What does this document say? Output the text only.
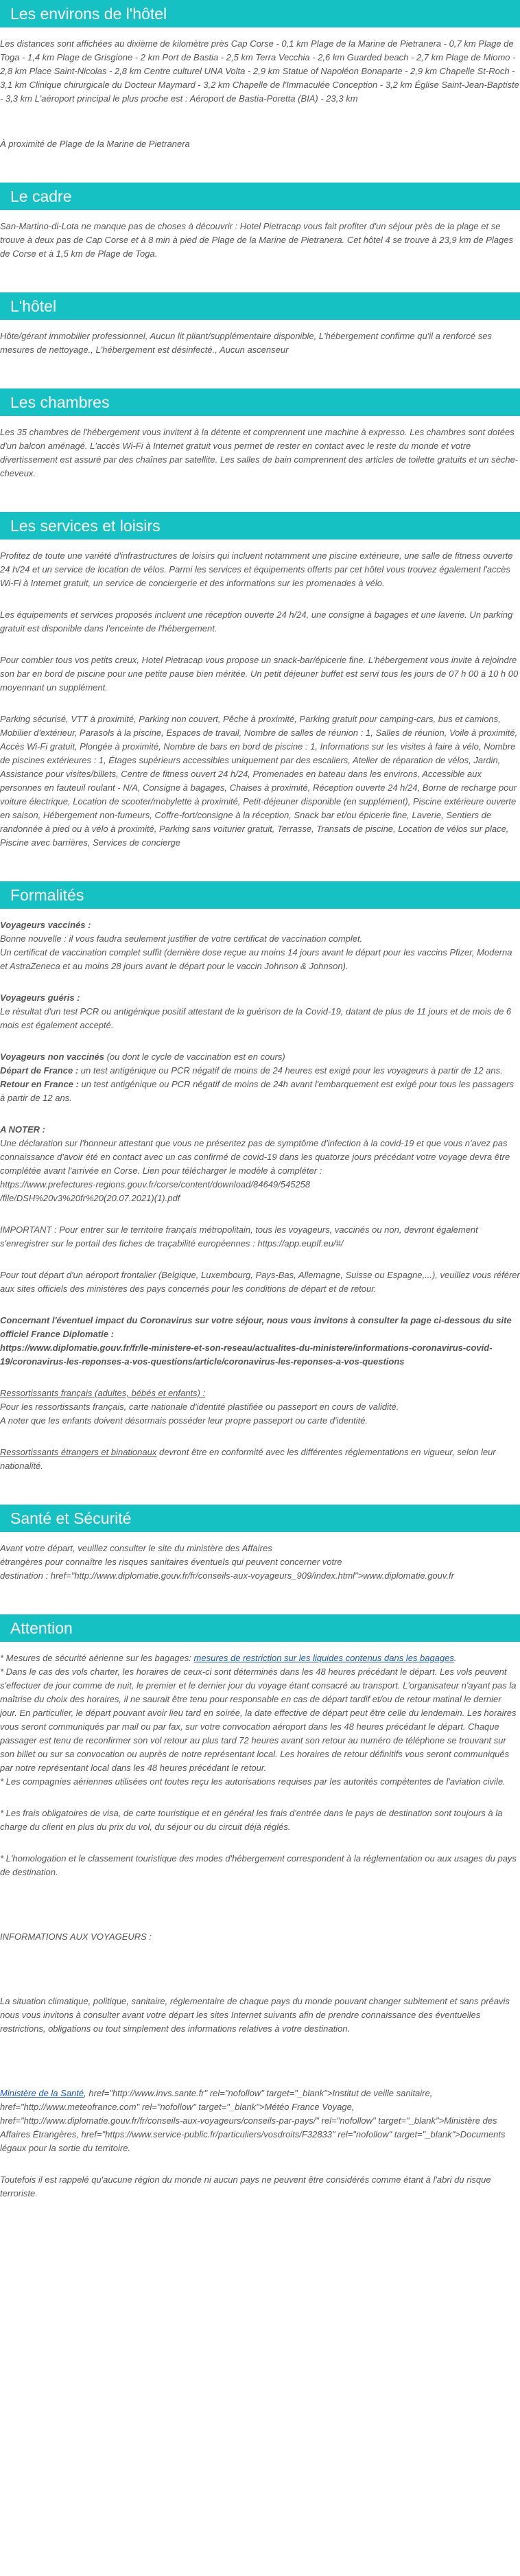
Les environs de l'hôtel

Les distances sont affichées au dixième de kilomètre près Cap Corse - 0,1 km Plage de la Marine de Pietranera - 0,7 km Plage de Toga - 1,4 km Plage de Grisgione - 2 km Port de Bastia - 2,5 km Terra Vecchia - 2,6 km Guarded beach - 2,7 km Plage de Miomo - 2,8 km Place Saint-Nicolas - 2,8 km Centre culturel UNA Volta - 2,9 km Statue of Napoléon Bonaparte - 2,9 km Chapelle St-Roch - 3,1 km Clinique chirurgicale du Docteur Maymard - 3,2 km Chapelle de l'Immaculée Conception - 3,2 km Église Saint-Jean-Baptiste - 3,3 km L'aéroport principal le plus proche est : Aéroport de Bastia-Poretta (BIA) - 23,3 km

À proximité de Plage de la Marine de Pietranera

Le cadre

San-Martino-di-Lota ne manque pas de choses à découvrir : Hotel Pietracap vous fait profiter d'un séjour près de la plage et se trouve à deux pas de Cap Corse et à 8 min à pied de Plage de la Marine de Pietranera. Cet hôtel 4 se trouve à 23,9 km de Plages de Corse et à 1,5 km de Plage de Toga.

L'hôtel

Hôte/gérant immobilier professionnel, Aucun lit pliant/supplémentaire disponible, L'hébergement confirme qu'il a renforcé ses mesures de nettoyage., L'hébergement est désinfecté., Aucun ascenseur

Les chambres

Les 35 chambres de l'hébergement vous invitent à la détente et comprennent une machine à expresso. Les chambres sont dotées d'un balcon aménagé. L'accès Wi-Fi à Internet gratuit vous permet de rester en contact avec le reste du monde et votre divertissement est assuré par des chaînes par satellite. Les salles de bain comprennent des articles de toilette gratuits et un sèche-cheveux.

Les services et loisirs

Profitez de toute une variété d'infrastructures de loisirs qui incluent notamment une piscine extérieure, une salle de fitness ouverte 24 h/24 et un service de location de vélos. Parmi les services et équipements offerts par cet hôtel vous trouvez également l'accès Wi-Fi à Internet gratuit, un service de conciergerie et des informations sur les promenades à vélo.

Les équipements et services proposés incluent une réception ouverte 24 h/24, une consigne à bagages et une laverie. Un parking gratuit est disponible dans l'enceinte de l'hébergement.

Pour combler tous vos petits creux, Hotel Pietracap vous propose un snack-bar/épicerie fine. L'hébergement vous invite à rejoindre son bar en bord de piscine pour une petite pause bien méritée. Un petit déjeuner buffet est servi tous les jours de 07 h 00 à 10 h 00 moyennant un supplément.

Parking sécurisé, VTT à proximité, Parking non couvert, Pêche à proximité, Parking gratuit pour camping-cars, bus et camions, Mobilier d'extérieur, Parasols à la piscine, Espaces de travail, Nombre de salles de réunion : 1, Salles de réunion, Voile à proximité, Accès Wi-Fi gratuit, Plongée à proximité, Nombre de bars en bord de piscine : 1, Informations sur les visites à faire à vélo, Nombre de piscines extérieures : 1, Étages supérieurs accessibles uniquement par des escaliers, Atelier de réparation de vélos, Jardin, Assistance pour visites/billets, Centre de fitness ouvert 24 h/24, Promenades en bateau dans les environs, Accessible aux personnes en fauteuil roulant - N/A, Consigne à bagages, Chaises à proximité, Réception ouverte 24 h/24, Borne de recharge pour voiture électrique, Location de scooter/mobylette à proximité, Petit-déjeuner disponible (en supplément), Piscine extérieure ouverte en saison, Hébergement non-fumeurs, Coffre-fort/consigne à la réception, Snack bar et/ou épicerie fine, Laverie, Sentiers de randonnée à pied ou à vélo à proximité, Parking sans voiturier gratuit, Terrasse, Transats de piscine, Location de vélos sur place, Piscine avec barrières, Services de concierge

Formalités

Voyageurs vaccinés :

Bonne nouvelle : il vous faudra seulement justifier de votre certificat de vaccination complet.

Un certificat de vaccination complet suffit (dernière dose reçue au moins 14 jours avant le départ pour les vaccins Pfizer, Moderna et AstraZeneca et au moins 28 jours avant le départ pour le vaccin Johnson & Johnson).

Voyageurs guéris :

Le résultat d'un test PCR ou antigénique positif attestant de la guérison de la Covid-19, datant de plus de 11 jours et de mois de 6 mois est également accepté.

Voyageurs non vaccinés (ou dont le cycle de vaccination est en cours)

Départ de France : un test antigénique ou PCR négatif de moins de 24 heures est exigé pour les voyageurs à partir de 12 ans.

Retour en France : un test antigénique ou PCR négatif de moins de 24h avant l'embarquement est exigé pour tous les passagers à partir de 12 ans.

A NOTER :

Une déclaration sur l'honneur attestant que vous ne présentez pas de symptôme d'infection à la covid-19 et que vous n'avez pas connaissance d'avoir été en contact avec un cas confirmé de covid-19 dans les quatorze jours précédant votre voyage devra être complétée avant l'arrivée en Corse. Lien pour télécharger le modèle à compléter :

https://www.prefectures-regions.gouv.fr/corse/content/download/84649/545258

/file/DSH%20v3%20fr%20(20.07.2021)(1).pdf

IMPORTANT : Pour entrer sur le territoire français métropolitain, tous les voyageurs, vaccinés ou non, devront également s'enregistrer sur le portail des fiches de traçabilité européennes : https://app.euplf.eu/#/

Pour tout départ d'un aéroport frontalier (Belgique, Luxembourg, Pays-Bas, Allemagne, Suisse ou Espagne,...), veuillez vous référer aux sites officiels des ministères des pays concernés pour les conditions de départ et de retour.

Concernant l'éventuel impact du Coronavirus sur votre séjour, nous vous invitons à consulter la page ci-dessous du site officiel France Diplomatie :

https://www.diplomatie.gouv.fr/fr/le-ministere-et-son-reseau/actualites-du-ministere/informations-coronavirus-covid-19/coronavirus-les-reponses-a-vos-questions/article/coronavirus-les-reponses-a-vos-questions

Ressortissants français (adultes, bébés et enfants) :

Pour les ressortissants français, carte nationale d'identité plastifiée ou passeport en cours de validité.

A noter que les enfants doivent désormais posséder leur propre passeport ou carte d'identité.

Ressortissants étrangers et binationaux devront être en conformité avec les différentes réglementations en vigueur, selon leur nationalité.

Santé et Sécurité

Avant votre départ, veuillez consulter le site du ministère des Affaires

étrangères pour connaître les risques sanitaires éventuels qui peuvent concerner votre

destination : href="http://www.diplomatie.gouv.fr/fr/conseils-aux-voyageurs_909/index.html">www.diplomatie.gouv.fr

Attention

* Mesures de sécurité aérienne sur les bagages: mesures de restriction sur les liquides contenus dans les bagages.

* Dans le cas des vols charter, les horaires de ceux-ci sont déterminés dans les 48 heures précédant le départ. Les vols peuvent s'effectuer de jour comme de nuit, le premier et le dernier jour du voyage étant consacré au transport. L'organisateur n'ayant pas la maîtrise du choix des horaires, il ne saurait être tenu pour responsable en cas de départ tardif et/ou de retour matinal le dernier jour. En particulier, le départ pouvant avoir lieu tard en soirée, la date effective de départ peut être celle du lendemain. Les horaires vous seront communiqués par mail ou par fax, sur votre convocation aéroport dans les 48 heures précédant le départ. Chaque passager est tenu de reconfirmer son vol retour au plus tard 72 heures avant son retour au numéro de téléphone se trouvant sur son billet ou sur sa convocation ou auprès de notre représentant local. Les horaires de retour définitifs vous seront communiqués par notre représentant local dans les 48 heures précédant le retour.

* Les compagnies aériennes utilisées ont toutes reçu les autorisations requises par les autorités compétentes de l'aviation civile.

* Les frais obligatoires de visa, de carte touristique et en général les frais d'entrée dans le pays de destination sont toujours à la charge du client en plus du prix du vol, du séjour ou du circuit déjà réglés.

* L'homologation et le classement touristique des modes d'hébergement correspondent à la réglementation ou aux usages du pays de destination.

INFORMATIONS AUX VOYAGEURS :

La situation climatique, politique, sanitaire, réglementaire de chaque pays du monde pouvant changer subitement et sans préavis

nous vous invitons à consulter avant votre départ les sites Internet suivants afin de prendre connaissance des éventuelles restrictions, obligations ou tout simplement des informations relatives à votre destination.

Ministère de la Santé, href="http://www.invs.sante.fr" rel="nofollow" target="_blank">Institut de veille sanitaire, href="http://www.meteofrance.com" rel="nofollow" target="_blank">Météo France Voyage, href="http://www.diplomatie.gouv.fr/fr/conseils-aux-voyageurs/conseils-par-pays/" rel="nofollow" target="_blank">Ministère des Affaires Étrangères, href="https://www.service-public.fr/particuliers/vosdroits/F32833" rel="nofollow" target="_blank">Documents légaux pour la sortie du territoire.

Toutefois il est rappelé qu'aucune région du monde ni aucun pays ne peuvent être considérés comme étant à l'abri du risque terroriste.
